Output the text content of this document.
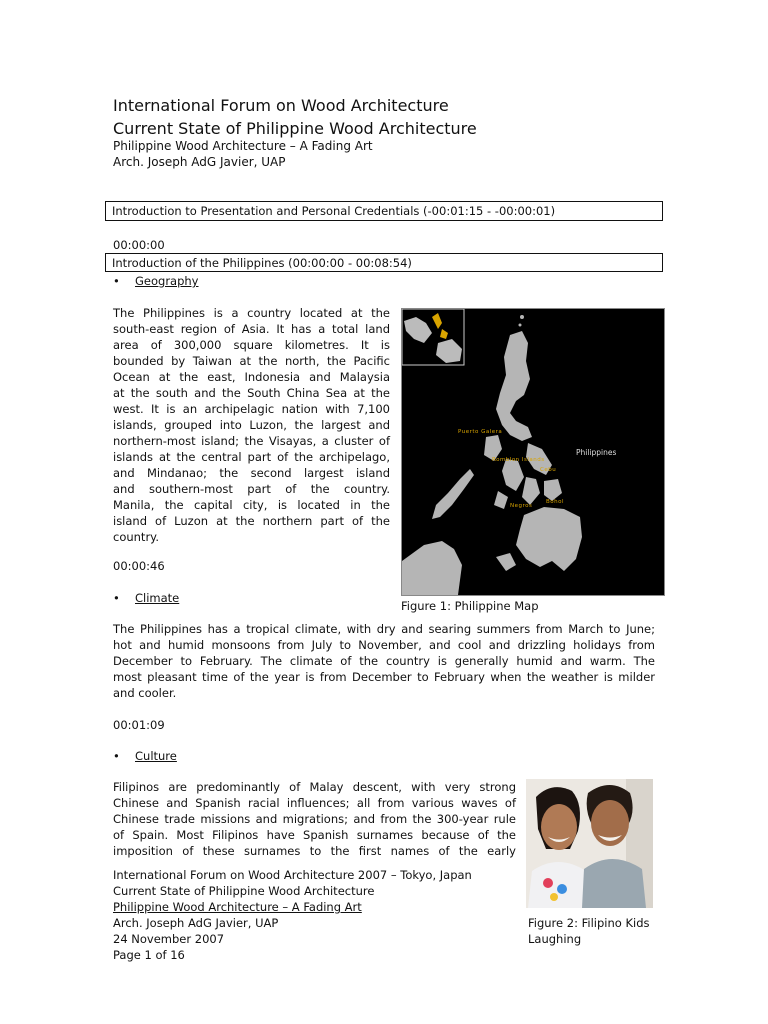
International Forum on Wood Architecture
Current State of Philippine Wood Architecture
Philippine Wood Architecture – A Fading Art
Arch. Joseph AdG Javier, UAP
Introduction to Presentation and Personal Credentials (-00:01:15 - -00:00:01)
00:00:00
Introduction of the Philippines (00:00:00 - 00:08:54)
• Geography
The Philippines is a country located at the
south-east region of Asia. It has a total land
area of 300,000 square kilometres. It is
bounded by Taiwan at the north, the Pacific
Ocean at the east, Indonesia and Malaysia
at the south and the South China Sea at the
west. It is an archipelagic nation with 7,100
islands, grouped into Luzon, the largest and
northern-most island; the Visayas, a cluster of
islands at the central part of the archipelago,
and Mindanao; the second largest island
and southern-most part of the country.
Manila, the capital city, is located in the
island of Luzon at the northern part of the
country.
00:00:46
Puerto Galera
Romblon Islands
Cebu
Bohol
Negros
Philippines
Figure 1: Philippine Map
• Climate
The Philippines has a tropical climate, with dry and searing summers from March to June;
hot and humid monsoons from July to November, and cool and drizzling holidays from
December to February. The climate of the country is generally humid and warm. The
most pleasant time of the year is from December to February when the weather is milder
and cooler.
00:01:09
• Culture
Filipinos are predominantly of Malay descent, with very strong
Chinese and Spanish racial influences; all from various waves of
Chinese trade missions and migrations; and from the 300-year rule
of Spain. Most Filipinos have Spanish surnames because of the
imposition of these surnames to the first names of the early
Figure 2: Filipino Kids
Laughing
International Forum on Wood Architecture 2007 – Tokyo, Japan
Current State of Philippine Wood Architecture
Philippine Wood Architecture – A Fading Art
Arch. Joseph AdG Javier, UAP
24 November 2007
Page 1 of 16
